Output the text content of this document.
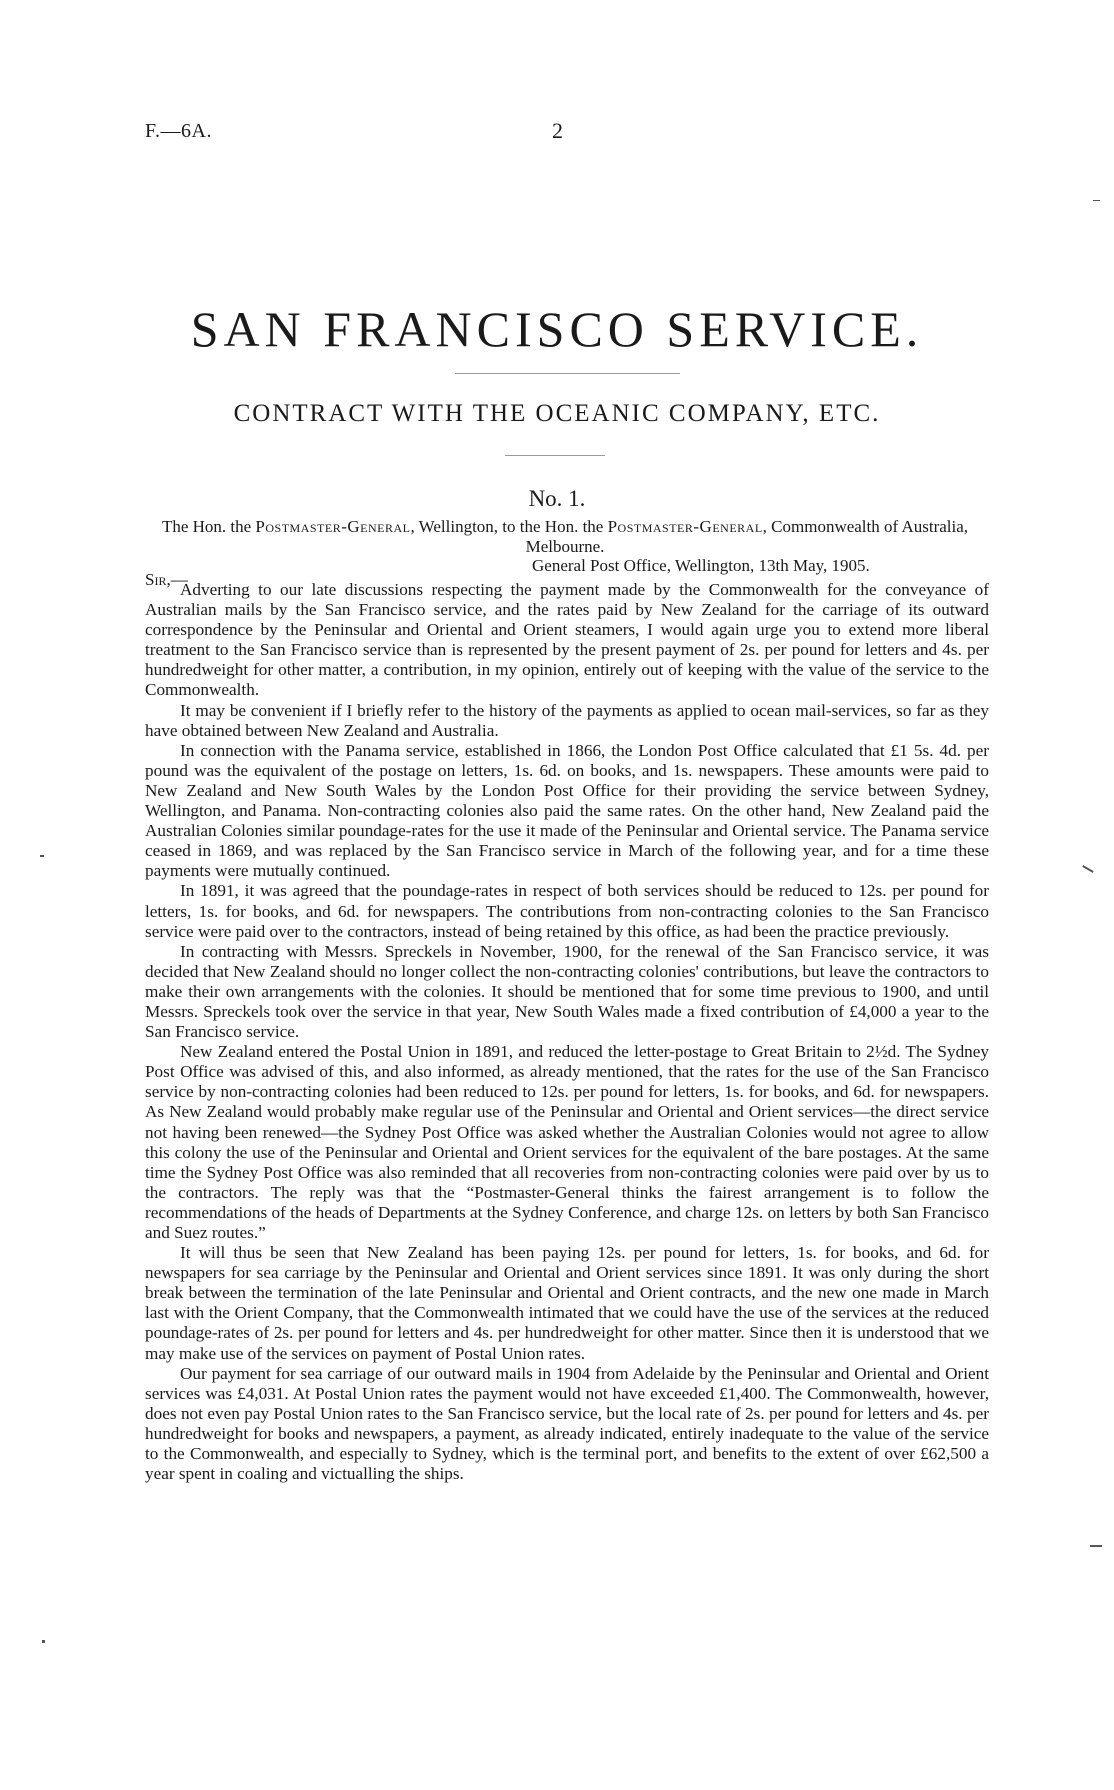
F.—6A.	2
SAN FRANCISCO SERVICE.
CONTRACT WITH THE OCEANIC COMPANY, ETC.
No. 1.
The Hon. the Postmaster-General, Wellington, to the Hon. the Postmaster-General, Commonwealth of Australia, Melbourne.
General Post Office, Wellington, 13th May, 1905.
Sir,—

Adverting to our late discussions respecting the payment made by the Commonwealth for the conveyance of Australian mails by the San Francisco service, and the rates paid by New Zealand for the carriage of its outward correspondence by the Peninsular and Oriental and Orient steamers, I would again urge you to extend more liberal treatment to the San Francisco service than is represented by the present payment of 2s. per pound for letters and 4s. per hundredweight for other matter, a contribution, in my opinion, entirely out of keeping with the value of the service to the Commonwealth.

It may be convenient if I briefly refer to the history of the payments as applied to ocean mail-services, so far as they have obtained between New Zealand and Australia.

In connection with the Panama service, established in 1866, the London Post Office calculated that £1 5s. 4d. per pound was the equivalent of the postage on letters, 1s. 6d. on books, and 1s. newspapers. These amounts were paid to New Zealand and New South Wales by the London Post Office for their providing the service between Sydney, Wellington, and Panama. Non-contracting colonies also paid the same rates. On the other hand, New Zealand paid the Australian Colonies similar poundage-rates for the use it made of the Peninsular and Oriental service. The Panama service ceased in 1869, and was replaced by the San Francisco service in March of the following year, and for a time these payments were mutually continued.

In 1891, it was agreed that the poundage-rates in respect of both services should be reduced to 12s. per pound for letters, 1s. for books, and 6d. for newspapers. The contributions from non-contracting colonies to the San Francisco service were paid over to the contractors, instead of being retained by this office, as had been the practice previously.

In contracting with Messrs. Spreckels in November, 1900, for the renewal of the San Francisco service, it was decided that New Zealand should no longer collect the non-contracting colonies' contributions, but leave the contractors to make their own arrangements with the colonies. It should be mentioned that for some time previous to 1900, and until Messrs. Spreckels took over the service in that year, New South Wales made a fixed contribution of £4,000 a year to the San Francisco service.

New Zealand entered the Postal Union in 1891, and reduced the letter-postage to Great Britain to 2½d. The Sydney Post Office was advised of this, and also informed, as already mentioned, that the rates for the use of the San Francisco service by non-contracting colonies had been reduced to 12s. per pound for letters, 1s. for books, and 6d. for newspapers. As New Zealand would probably make regular use of the Peninsular and Oriental and Orient services—the direct service not having been renewed—the Sydney Post Office was asked whether the Australian Colonies would not agree to allow this colony the use of the Peninsular and Oriental and Orient services for the equivalent of the bare postages. At the same time the Sydney Post Office was also reminded that all recoveries from non-contracting colonies were paid over by us to the contractors. The reply was that the “Postmaster-General thinks the fairest arrangement is to follow the recommendations of the heads of Departments at the Sydney Conference, and charge 12s. on letters by both San Francisco and Suez routes.”

It will thus be seen that New Zealand has been paying 12s. per pound for letters, 1s. for books, and 6d. for newspapers for sea carriage by the Peninsular and Oriental and Orient services since 1891. It was only during the short break between the termination of the late Peninsular and Oriental and Orient contracts, and the new one made in March last with the Orient Company, that the Commonwealth intimated that we could have the use of the services at the reduced poundage-rates of 2s. per pound for letters and 4s. per hundredweight for other matter. Since then it is understood that we may make use of the services on payment of Postal Union rates.

Our payment for sea carriage of our outward mails in 1904 from Adelaide by the Peninsular and Oriental and Orient services was £4,031. At Postal Union rates the payment would not have exceeded £1,400. The Commonwealth, however, does not even pay Postal Union rates to the San Francisco service, but the local rate of 2s. per pound for letters and 4s. per hundredweight for books and newspapers, a payment, as already indicated, entirely inadequate to the value of the service to the Commonwealth, and especially to Sydney, which is the terminal port, and benefits to the extent of over £62,500 a year spent in coaling and victualling the ships.
